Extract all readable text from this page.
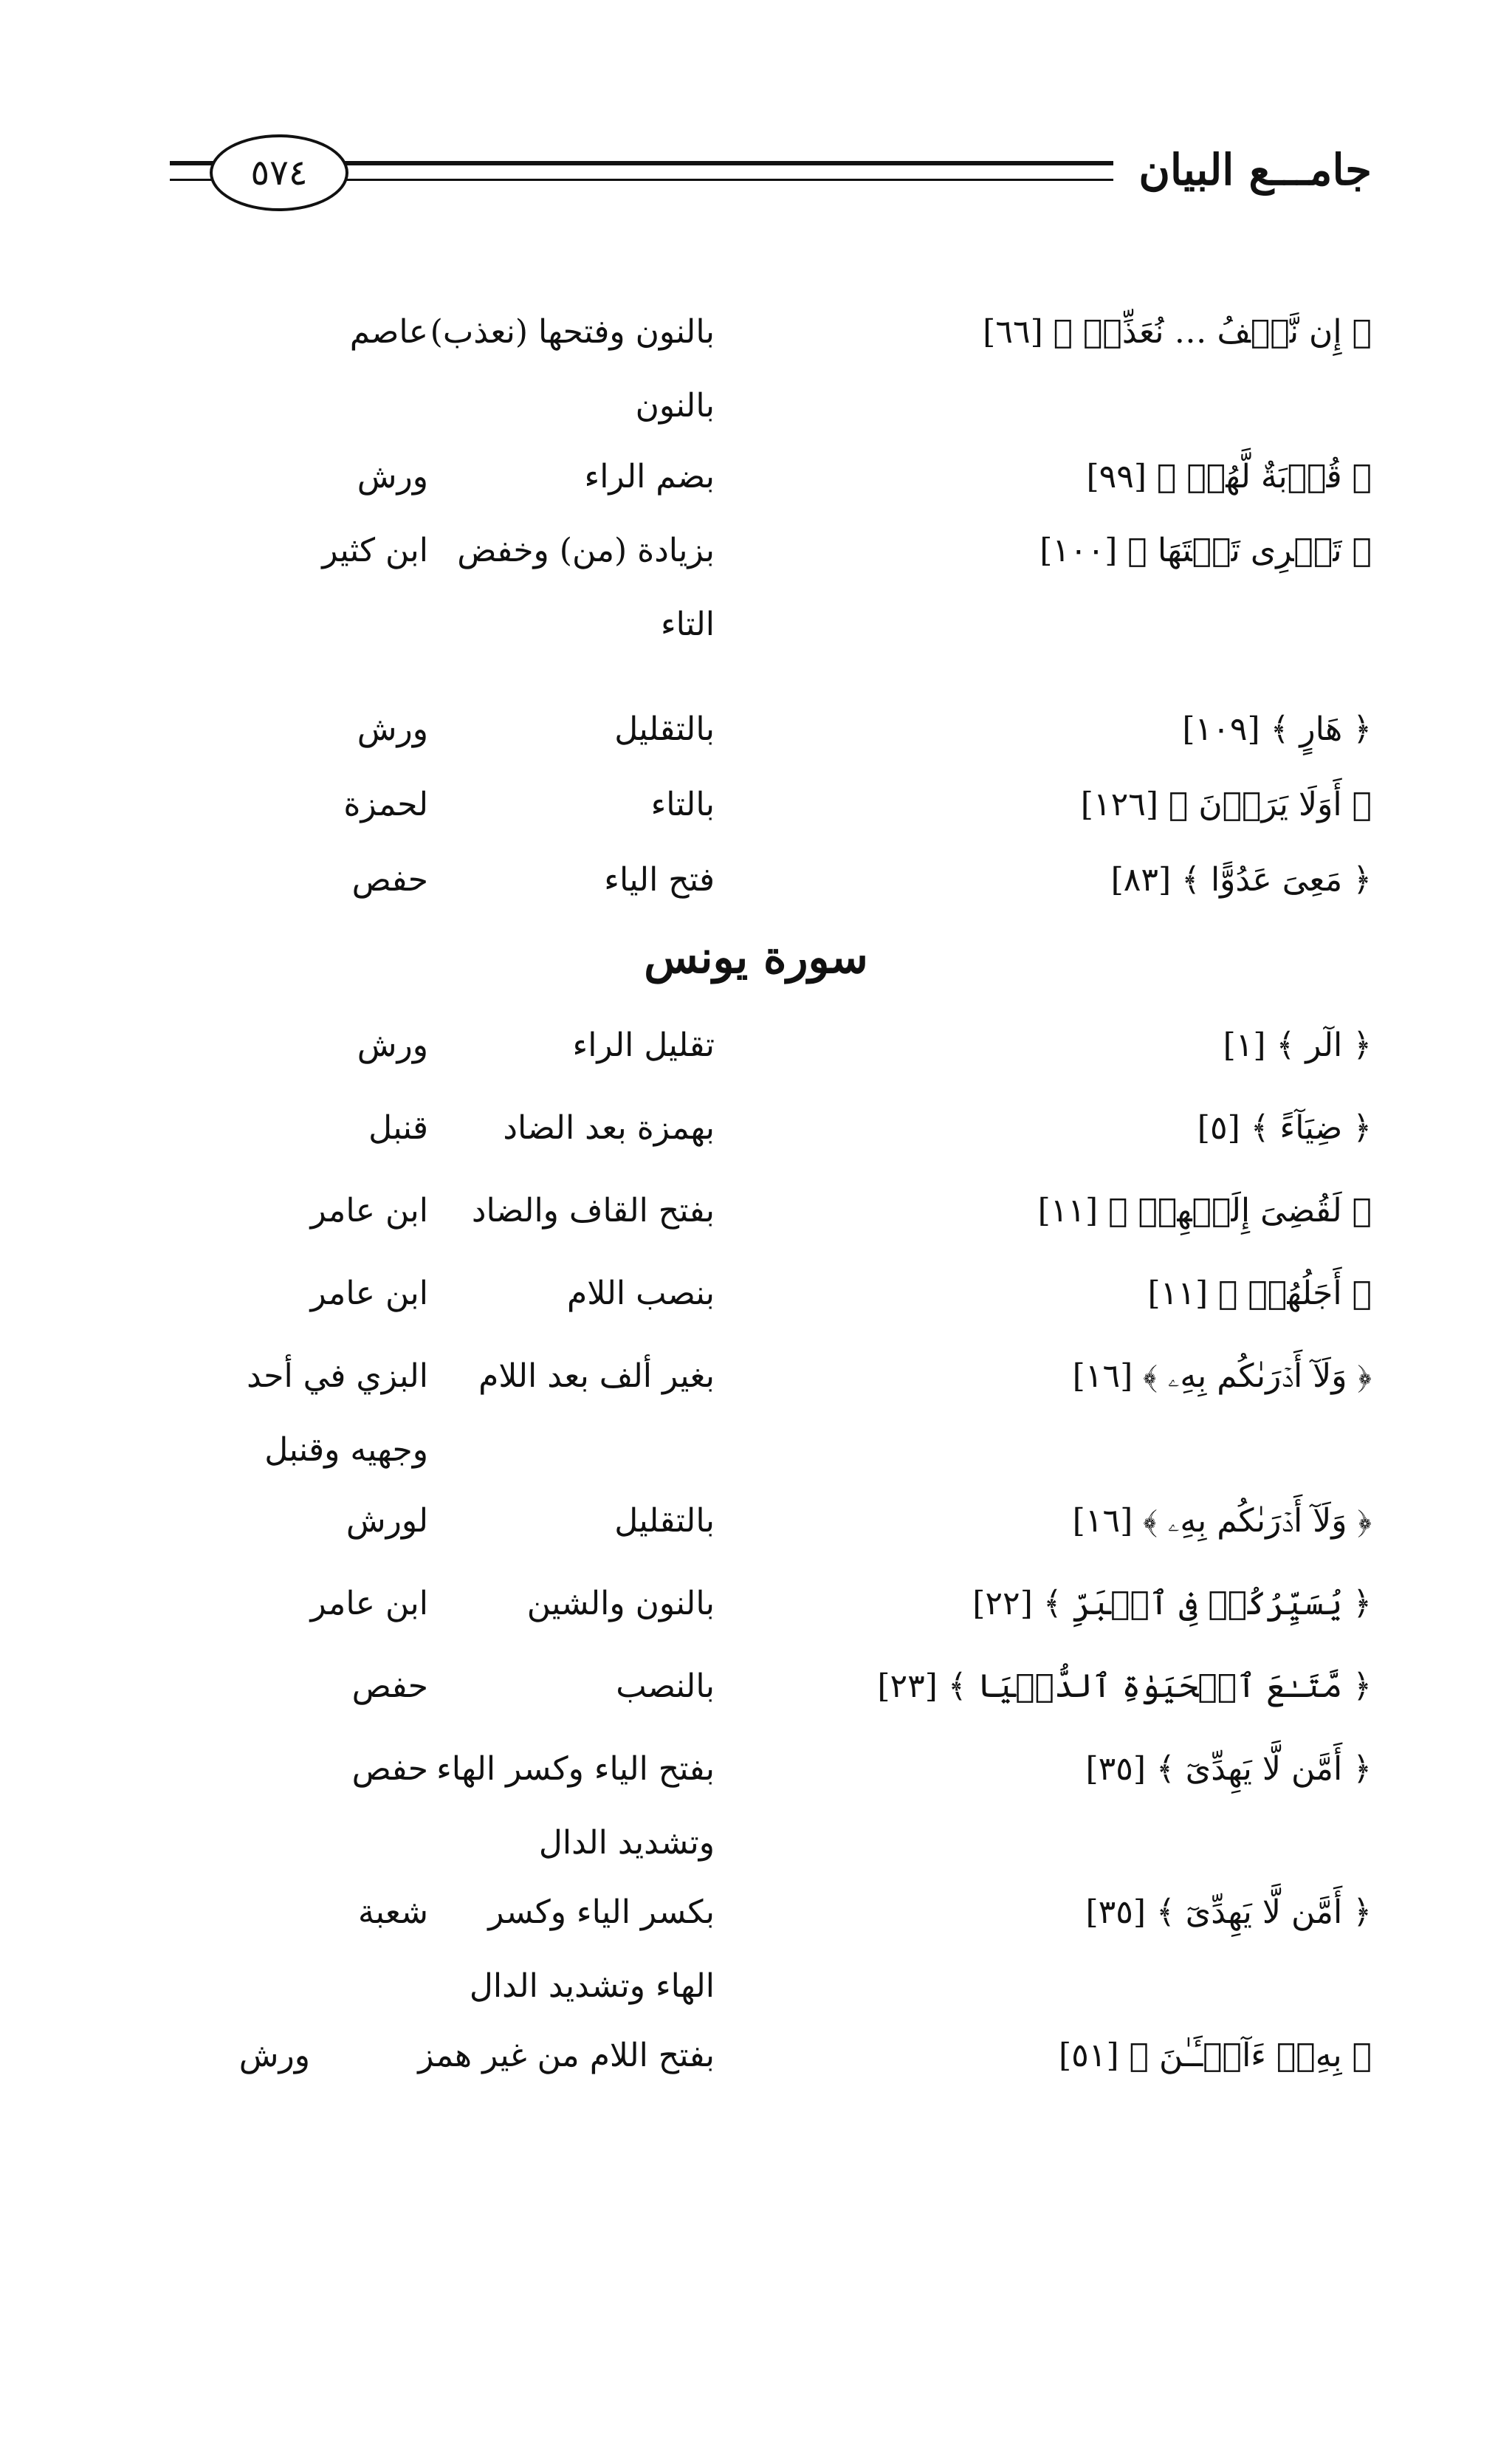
٥٧٤	جامـــع البيان
﴿ إِن نَّعۡفُ … نُعَذِّبۡ ﴾ [٦٦]
بالنون وفتحها (نعذب) بالنون
عاصم
﴿ قُرۡبَةٌ لَّهُمۡ ﴾ [٩٩]
بضم الراء
ورش
﴿ تَجۡرِی تَحۡتَهَا ﴾ [١٠٠]
بزيادة (من) وخفض التاء
ابن كثير
﴿ هَارٍ ﴾ [١٠٩]
بالتقليل
ورش
﴿ أَوَلَا یَرَوۡنَ ﴾ [١٢٦]
بالتاء
لحمزة
﴿ مَعِیَ عَدُوًّا ﴾ [٨٣]
فتح الياء
حفص
سورة يونس
﴿ الٓر ﴾ [١]
تقليل الراء
ورش
﴿ ضِيَآءً ﴾ [٥]
بهمزة بعد الضاد
قنبل
﴿ لَقُضِیَ إِلَیۡهِمۡ ﴾ [١١]
بفتح القاف والضاد
ابن عامر
﴿ أَجَلُهُمۡ ﴾ [١١]
بنصب اللام
ابن عامر
﴿ وَلَآ أَدۡرَىٰكُم بِهِۦ ﴾ [١٦]
بغير ألف بعد اللام
البزي في أحد وجهيه وقنبل
﴿ وَلَآ أَدۡرَىٰكُم بِهِۦ ﴾ [١٦]
بالتقليل
لورش
﴿ یُسَیِّرُكُمۡ فِی ٱلۡبَرِّ ﴾ [٢٢]
بالنون والشين
ابن عامر
﴿ مَّتَـٰعَ ٱلۡحَیَوٰةِ ٱلدُّنۡیَا ﴾ [٢٣]
بالنصب
حفص
﴿ أَمَّن لَّا یَهِدِّیٓ ﴾ [٣٥]
بفتح الياء وكسر الهاء وتشديد الدال
حفص
﴿ أَمَّن لَّا یَهِدِّیٓ ﴾ [٣٥]
بكسر الياء وكسر الهاء وتشديد الدال
شعبة
﴿ بِهِۦٓ ءَآلۡـَٔـٰنَ ﴾ [٥١]
بفتح اللام من غير همز
ورش
